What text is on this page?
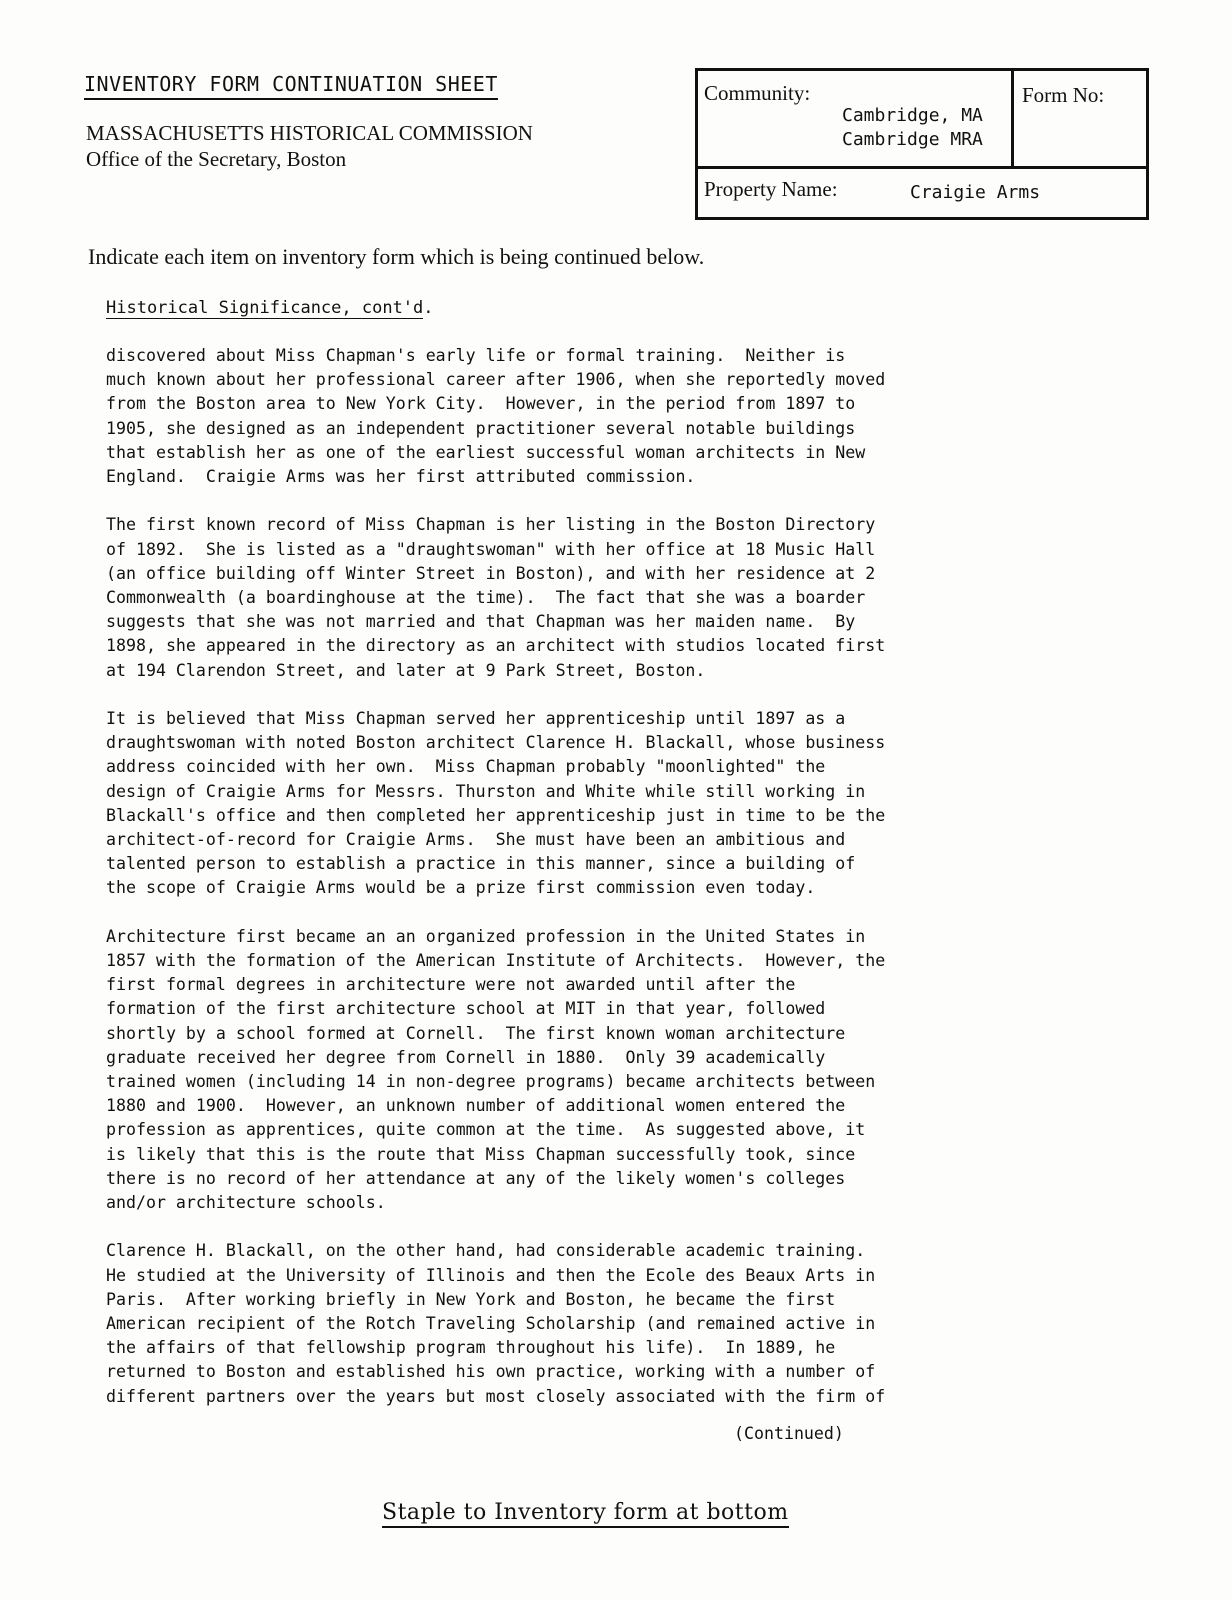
INVENTORY FORM CONTINUATION SHEET
MASSACHUSETTS HISTORICAL COMMISSION
Office of the Secretary, Boston
Community:
Cambridge, MA
Cambridge MRA
Form No:
Property Name:	Craigie Arms
Indicate each item on inventory form which is being continued below.
Historical Significance, cont'd.
discovered about Miss Chapman's early life or formal training.  Neither is
much known about her professional career after 1906, when she reportedly moved
from the Boston area to New York City.  However, in the period from 1897 to
1905, she designed as an independent practitioner several notable buildings
that establish her as one of the earliest successful woman architects in New
England.  Craigie Arms was her first attributed commission.
The first known record of Miss Chapman is her listing in the Boston Directory
of 1892.  She is listed as a "draughtswoman" with her office at 18 Music Hall
(an office building off Winter Street in Boston), and with her residence at 2
Commonwealth (a boardinghouse at the time).  The fact that she was a boarder
suggests that she was not married and that Chapman was her maiden name.  By
1898, she appeared in the directory as an architect with studios located first
at 194 Clarendon Street, and later at 9 Park Street, Boston.
It is believed that Miss Chapman served her apprenticeship until 1897 as a
draughtswoman with noted Boston architect Clarence H. Blackall, whose business
address coincided with her own.  Miss Chapman probably "moonlighted" the
design of Craigie Arms for Messrs. Thurston and White while still working in
Blackall's office and then completed her apprenticeship just in time to be the
architect-of-record for Craigie Arms.  She must have been an ambitious and
talented person to establish a practice in this manner, since a building of
the scope of Craigie Arms would be a prize first commission even today.
Architecture first became an an organized profession in the United States in
1857 with the formation of the American Institute of Architects.  However, the
first formal degrees in architecture were not awarded until after the
formation of the first architecture school at MIT in that year, followed
shortly by a school formed at Cornell.  The first known woman architecture
graduate received her degree from Cornell in 1880.  Only 39 academically
trained women (including 14 in non-degree programs) became architects between
1880 and 1900.  However, an unknown number of additional women entered the
profession as apprentices, quite common at the time.  As suggested above, it
is likely that this is the route that Miss Chapman successfully took, since
there is no record of her attendance at any of the likely women's colleges
and/or architecture schools.
Clarence H. Blackall, on the other hand, had considerable academic training.
He studied at the University of Illinois and then the Ecole des Beaux Arts in
Paris.  After working briefly in New York and Boston, he became the first
American recipient of the Rotch Traveling Scholarship (and remained active in
the affairs of that fellowship program throughout his life).  In 1889, he
returned to Boston and established his own practice, working with a number of
different partners over the years but most closely associated with the firm of
(Continued)
Staple to Inventory form at bottom
